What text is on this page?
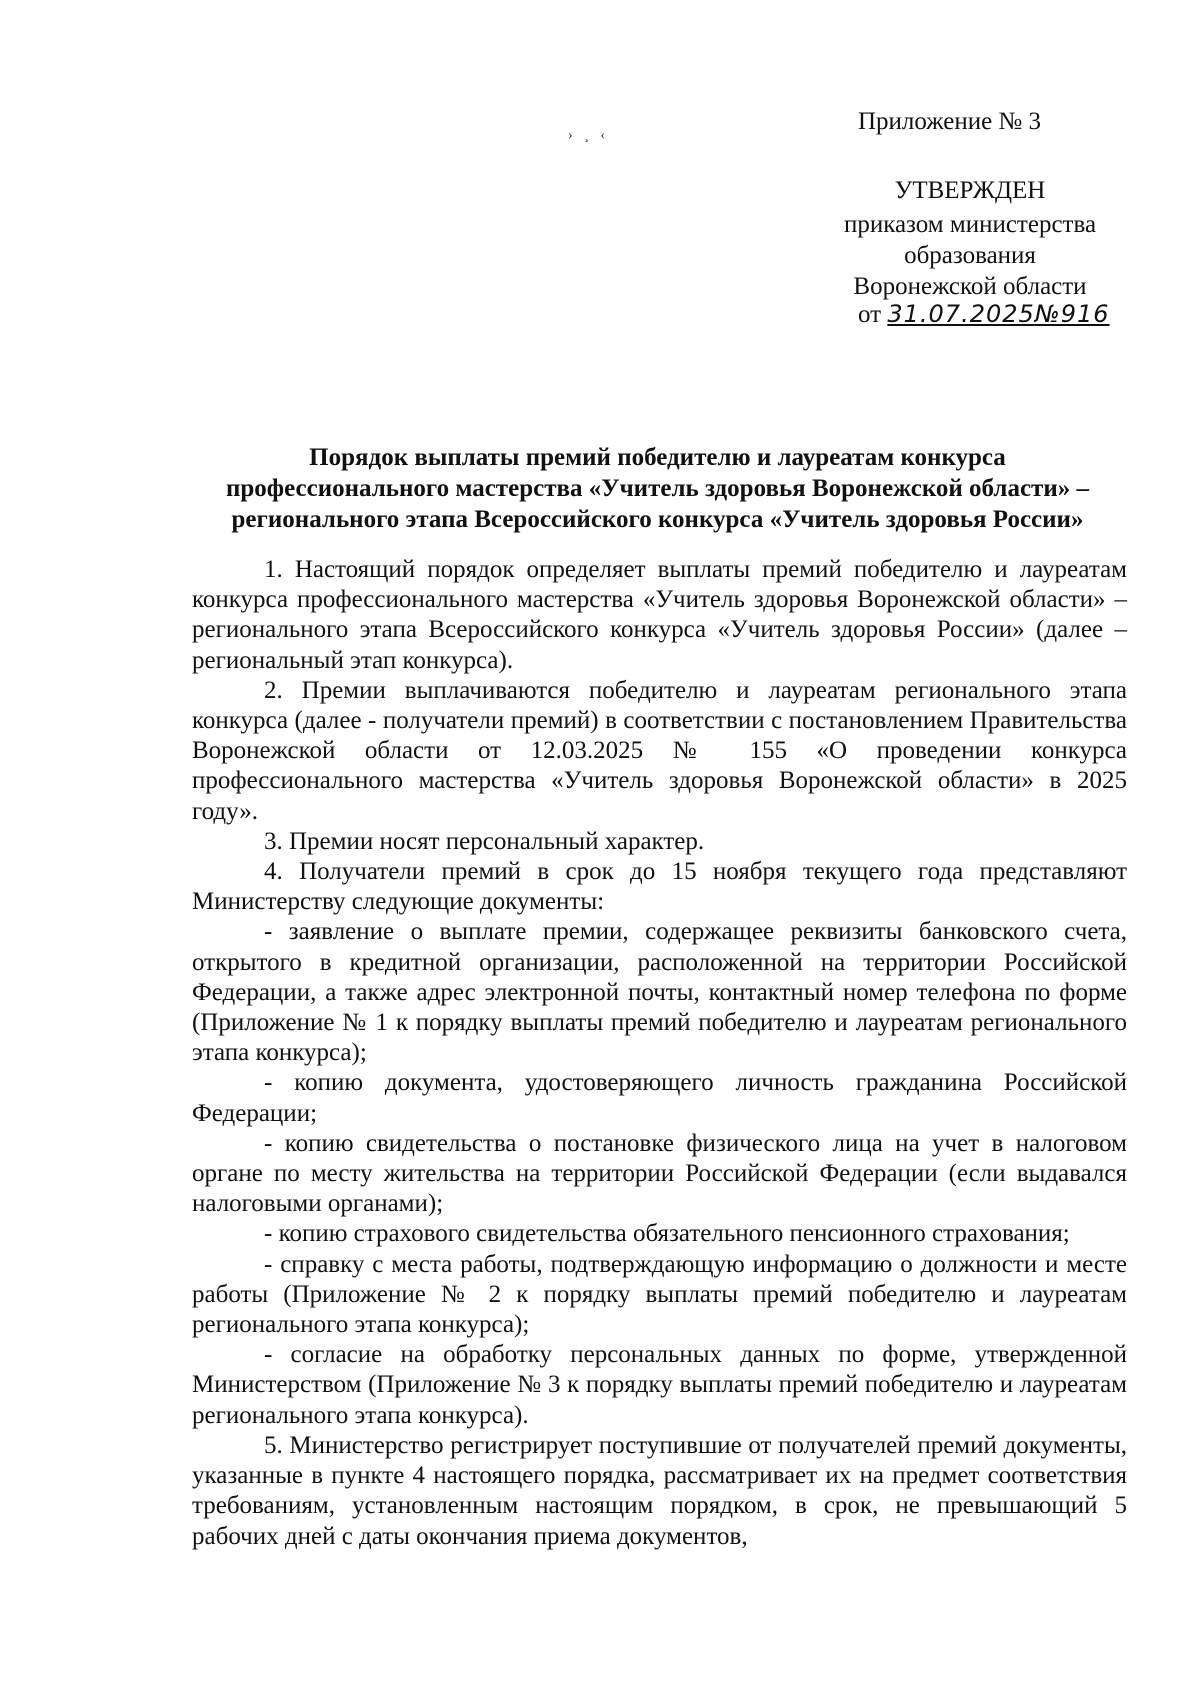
› ¸ ‹
Приложение № 3
УТВЕРЖДЕН
приказом министерства
образования
Воронежской области
от 31.07.2025№916
Порядок выплаты премий победителю и лауреатам конкурса
профессионального мастерства «Учитель здоровья Воронежской области» –
регионального этапа Всероссийского конкурса «Учитель здоровья России»

1. Настоящий порядок определяет выплаты премий победителю и лауреатам конкурса профессионального мастерства «Учитель здоровья Воронежской области» – регионального этапа Всероссийского конкурса «Учитель здоровья России» (далее – региональный этап конкурса).

2. Премии выплачиваются победителю и лауреатам регионального этапа конкурса (далее - получатели премий) в соответствии с постановлением Правительства Воронежской области от 12.03.2025 № 155 «О проведении конкурса профессионального мастерства «Учитель здоровья Воронежской области» в 2025 году».

3. Премии носят персональный характер.

4. Получатели премий в срок до 15 ноября текущего года представляют Министерству следующие документы:

- заявление о выплате премии, содержащее реквизиты банковского счета, открытого в кредитной организации, расположенной на территории Российской Федерации, а также адрес электронной почты, контактный номер телефона по форме (Приложение № 1 к порядку выплаты премий победителю и лауреатам регионального этапа конкурса);

- копию документа, удостоверяющего личность гражданина Российской Федерации;

- копию свидетельства о постановке физического лица на учет в налоговом органе по месту жительства на территории Российской Федерации (если выдавался налоговыми органами);

- копию страхового свидетельства обязательного пенсионного страхования;

- справку с места работы, подтверждающую информацию о должности и месте работы (Приложение № 2 к порядку выплаты премий победителю и лауреатам регионального этапа конкурса);

- согласие на обработку персональных данных по форме, утвержденной Министерством (Приложение № 3 к порядку выплаты премий победителю и лауреатам регионального этапа конкурса).

5. Министерство регистрирует поступившие от получателей премий документы, указанные в пункте 4 настоящего порядка, рассматривает их на предмет соответствия требованиям, установленным настоящим порядком, в срок, не превышающий 5 рабочих дней с даты окончания приема документов,
